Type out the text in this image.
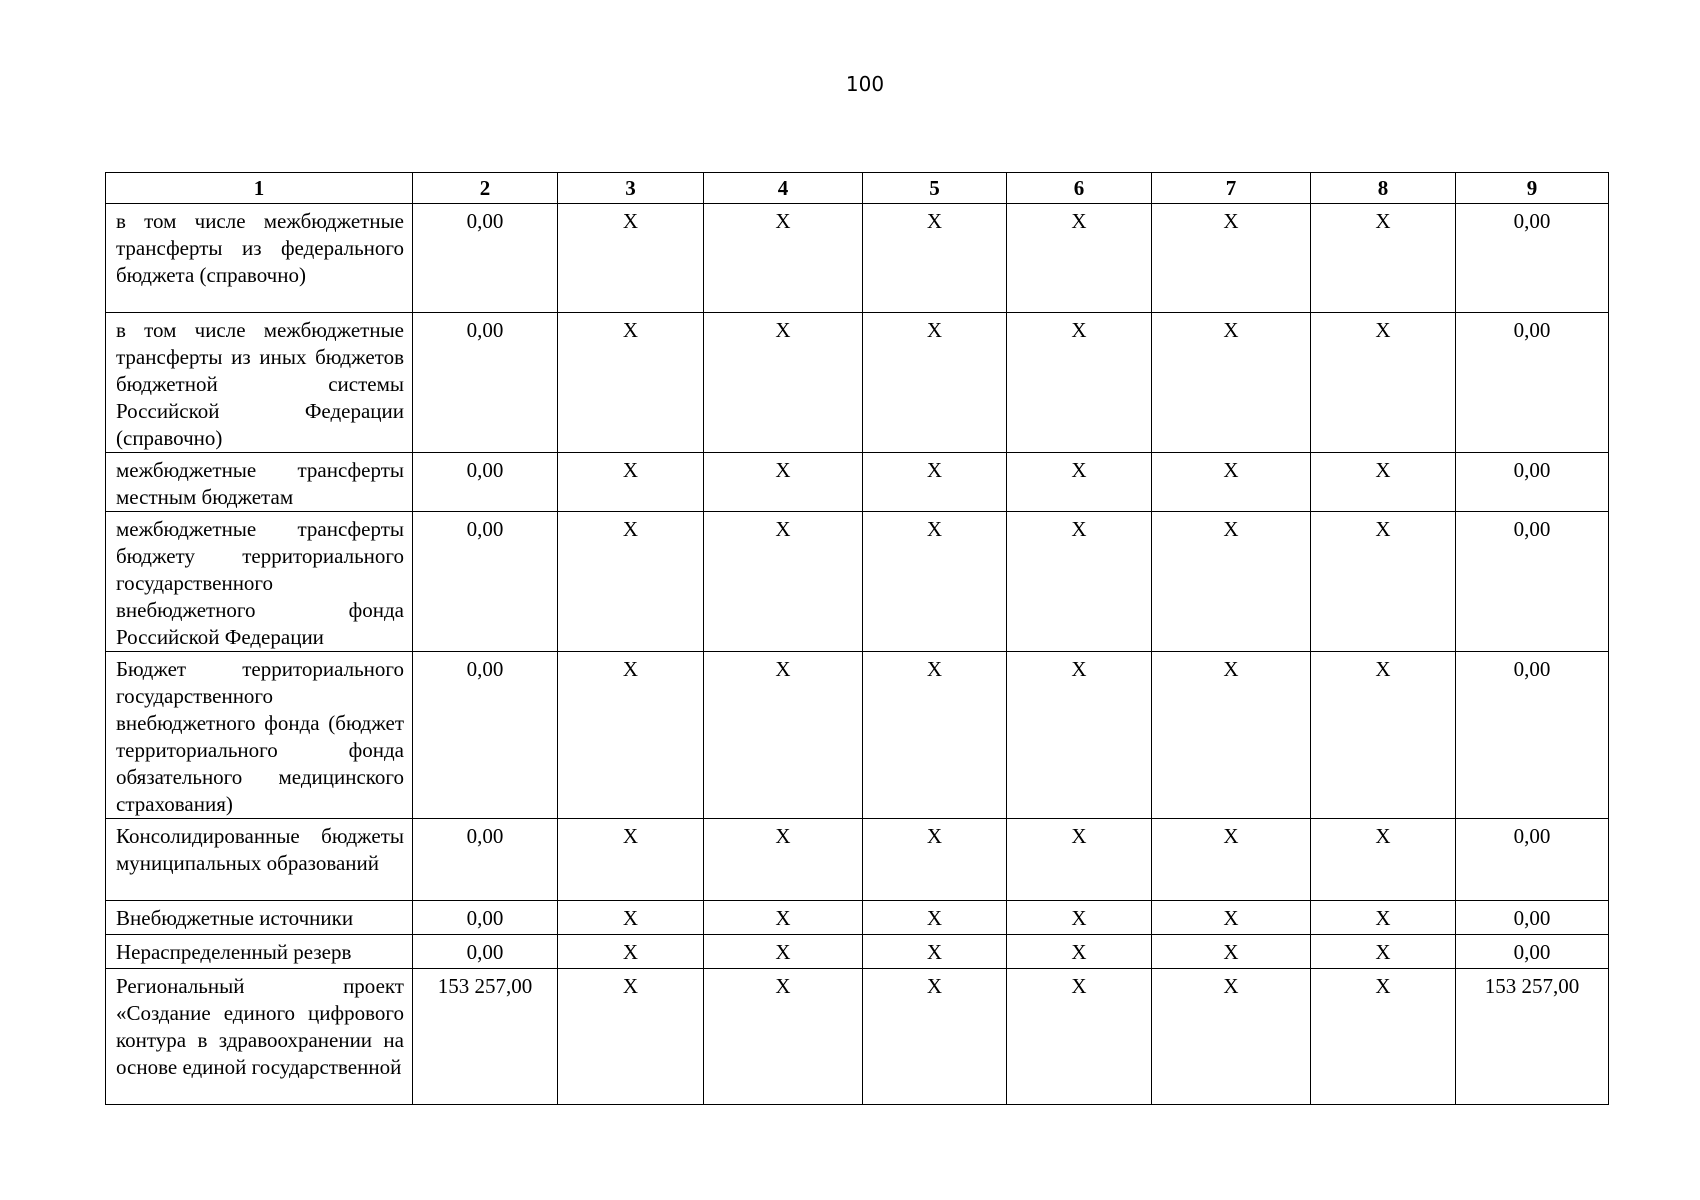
100
1	2	3	4	5	6	7	8	9
в том числе межбюджетные трансферты из федерального бюджета (справочно)	0,00	X	X	X	X	X	X	0,00
в том числе межбюджетные трансферты из иных бюджетов бюджетной системы Российской Федерации (справочно)	0,00	X	X	X	X	X	X	0,00
межбюджетные трансферты местным бюджетам	0,00	X	X	X	X	X	X	0,00
межбюджетные трансферты бюджету территориального государственного внебюджетного фонда Российской Федерации	0,00	X	X	X	X	X	X	0,00
Бюджет территориального государственного внебюджетного фонда (бюджет территориального фонда обязательного медицинского страхования)	0,00	X	X	X	X	X	X	0,00
Консолидированные бюджеты муниципальных образований	0,00	X	X	X	X	X	X	0,00
Внебюджетные источники	0,00	X	X	X	X	X	X	0,00
Нераспределенный резерв	0,00	X	X	X	X	X	X	0,00
Региональный проект «Создание единого цифрового контура в здравоохранении на основе единой государственной	153 257,00	X	X	X	X	X	X	153 257,00
